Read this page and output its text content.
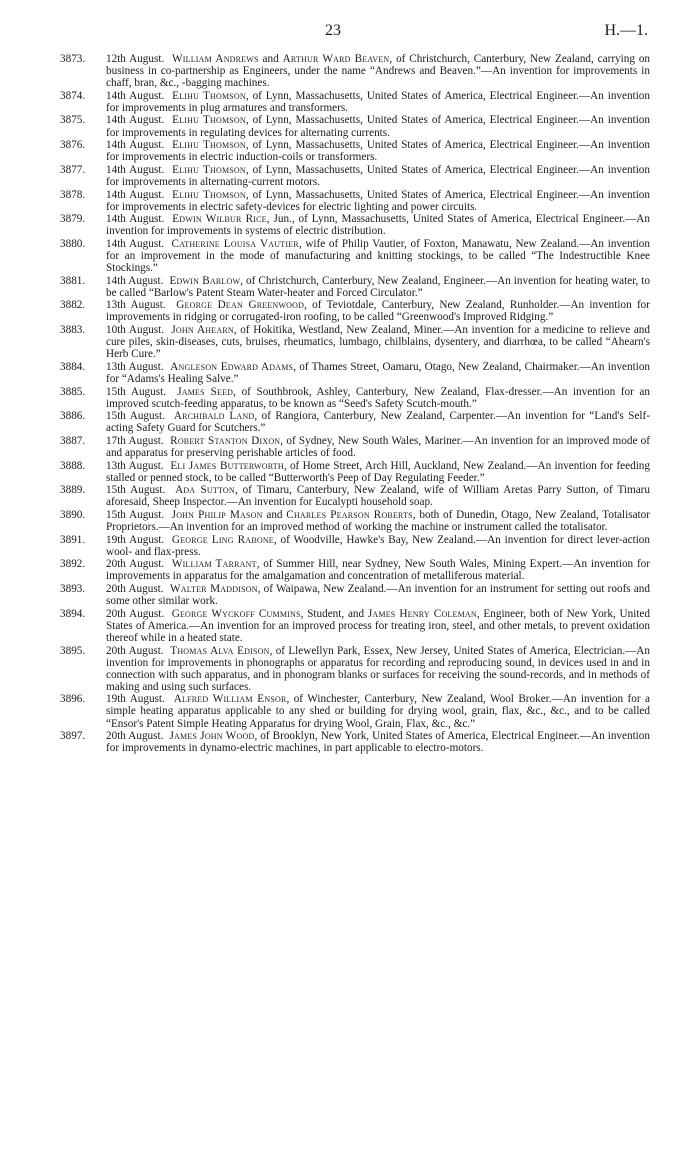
23	H.—1.
3873. 12th August. William Andrews and Arthur Ward Beaven, of Christchurch, Canterbury, New Zealand, carrying on business in co-partnership as Engineers, under the name “Andrews and Beaven.”—An invention for improvements in chaff, bran, &c., -bagging machines.
3874. 14th August. Elihu Thomson, of Lynn, Massachusetts, United States of America, Electrical Engineer.—An invention for improvements in plug armatures and transformers.
3875. 14th August. Elihu Thomson, of Lynn, Massachusetts, United States of America, Electrical Engineer.—An invention for improvements in regulating devices for alternating currents.
3876. 14th August. Elihu Thomson, of Lynn, Massachusetts, United States of America, Electrical Engineer.—An invention for improvements in electric induction-coils or transformers.
3877. 14th August. Elihu Thomson, of Lynn, Massachusetts, United States of America, Electrical Engineer.—An invention for improvements in alternating-current motors.
3878. 14th August. Elihu Thomson, of Lynn, Massachusetts, United States of America, Electrical Engineer.—An invention for improvements in electric safety-devices for electric lighting and power circuits.
3879. 14th August. Edwin Wilbur Rice, Jun., of Lynn, Massachusetts, United States of America, Electrical Engineer.—An invention for improvements in systems of electric distribution.
3880. 14th August. Catherine Louisa Vautier, wife of Philip Vautier, of Foxton, Manawatu, New Zealand.—An invention for an improvement in the mode of manufacturing and knitting stockings, to be called “The Indestructible Knee Stockings.”
3881. 14th August. Edwin Barlow, of Christchurch, Canterbury, New Zealand, Engineer.—An invention for heating water, to be called “Barlow's Patent Steam Water-heater and Forced Circulator.”
3882. 13th August. George Dean Greenwood, of Teviotdale, Canterbury, New Zealand, Runholder.—An invention for improvements in ridging or corrugated-iron roofing, to be called “Greenwood's Improved Ridging.”
3883. 10th August. John Ahearn, of Hokitika, Westland, New Zealand, Miner.—An invention for a medicine to relieve and cure piles, skin-diseases, cuts, bruises, rheumatics, lumbago, chilblains, dysentery, and diarrhœa, to be called “Ahearn's Herb Cure.”
3884. 13th August. Angleson Edward Adams, of Thames Street, Oamaru, Otago, New Zealand, Chairmaker.—An invention for “Adams's Healing Salve.”
3885. 15th August. James Seed, of Southbrook, Ashley, Canterbury, New Zealand, Flax-dresser.—An invention for an improved scutch-feeding apparatus, to be known as “Seed's Safety Scutch-mouth.”
3886. 15th August. Archibald Land, of Rangiora, Canterbury, New Zealand, Carpenter.—An invention for “Land's Self-acting Safety Guard for Scutchers.”
3887. 17th August. Robert Stanton Dixon, of Sydney, New South Wales, Mariner.—An invention for an improved mode of and apparatus for preserving perishable articles of food.
3888. 13th August. Eli James Butterworth, of Home Street, Arch Hill, Auckland, New Zealand.—An invention for feeding stalled or penned stock, to be called “Butterworth's Peep of Day Regulating Feeder.”
3889. 15th August. Ada Sutton, of Timaru, Canterbury, New Zealand, wife of William Aretas Parry Sutton, of Timaru aforesaid, Sheep Inspector.—An invention for Eucalypti household soap.
3890. 15th August. John Philip Mason and Charles Pearson Roberts, both of Dunedin, Otago, New Zealand, Totalisator Proprietors.—An invention for an improved method of working the machine or instrument called the totalisator.
3891. 19th August. George Ling Rabone, of Woodville, Hawke's Bay, New Zealand.—An invention for direct lever-action wool- and flax-press.
3892. 20th August. William Tarrant, of Summer Hill, near Sydney, New South Wales, Mining Expert.—An invention for improvements in apparatus for the amalgamation and concentration of metalliferous material.
3893. 20th August. Walter Maddison, of Waipawa, New Zealand.—An invention for an instrument for setting out roofs and some other similar work.
3894. 20th August. George Wyckoff Cummins, Student, and James Henry Coleman, Engineer, both of New York, United States of America.—An invention for an improved process for treating iron, steel, and other metals, to prevent oxidation thereof while in a heated state.
3895. 20th August. Thomas Alva Edison, of Llewellyn Park, Essex, New Jersey, United States of America, Electrician.—An invention for improvements in phonographs or apparatus for recording and reproducing sound, in devices used in and in connection with such apparatus, and in phonogram blanks or surfaces for receiving the sound-records, and in methods of making and using such surfaces.
3896. 19th August. Alfred William Ensor, of Winchester, Canterbury, New Zealand, Wool Broker.—An invention for a simple heating apparatus applicable to any shed or building for drying wool, grain, flax, &c., &c., and to be called “Ensor's Patent Simple Heating Apparatus for drying Wool, Grain, Flax, &c., &c.”
3897. 20th August. James John Wood, of Brooklyn, New York, United States of America, Electrical Engineer.—An invention for improvements in dynamo-electric machines, in part applicable to electro-motors.
